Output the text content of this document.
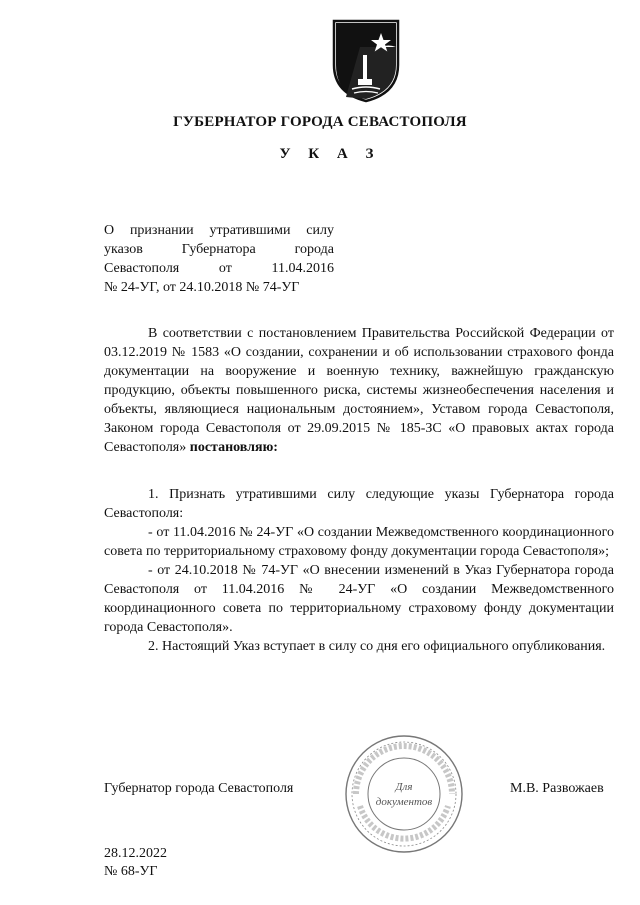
ГУБЕРНАТОР ГОРОДА СЕВАСТОПОЛЯ
У К А З
О признании утратившими силу
указов Губернатора города
Севастополя от 11.04.2016
№ 24-УГ, от 24.10.2018 № 74-УГ

В соответствии с постановлением Правительства Российской Федерации от 03.12.2019 № 1583 «О создании, сохранении и об использовании страхового фонда документации на вооружение и военную технику, важнейшую гражданскую продукцию, объекты повышенного риска, системы жизнеобеспечения населения и объекты, являющиеся национальным достоянием», Уставом города Севастополя, Законом города Севастополя от 29.09.2015 № 185-ЗС «О правовых актах города Севастополя» постановляю:

1. Признать утратившими силу следующие указы Губернатора города Севастополя:

- от 11.04.2016 № 24-УГ «О создании Межведомственного координационного совета по территориальному страховому фонду документации города Севастополя»;

- от 24.10.2018 № 74-УГ «О внесении изменений в Указ Губернатора города Севастополя от 11.04.2016 № 24-УГ «О создании Межведомственного координационного совета по территориальному страховому фонду документации города Севастополя».

2. Настоящий Указ вступает в силу со дня его официального опубликования.

Губернатор города Севастополя	Для
документов
М.В. Развожаев
28.12.2022
№ 68-УГ
